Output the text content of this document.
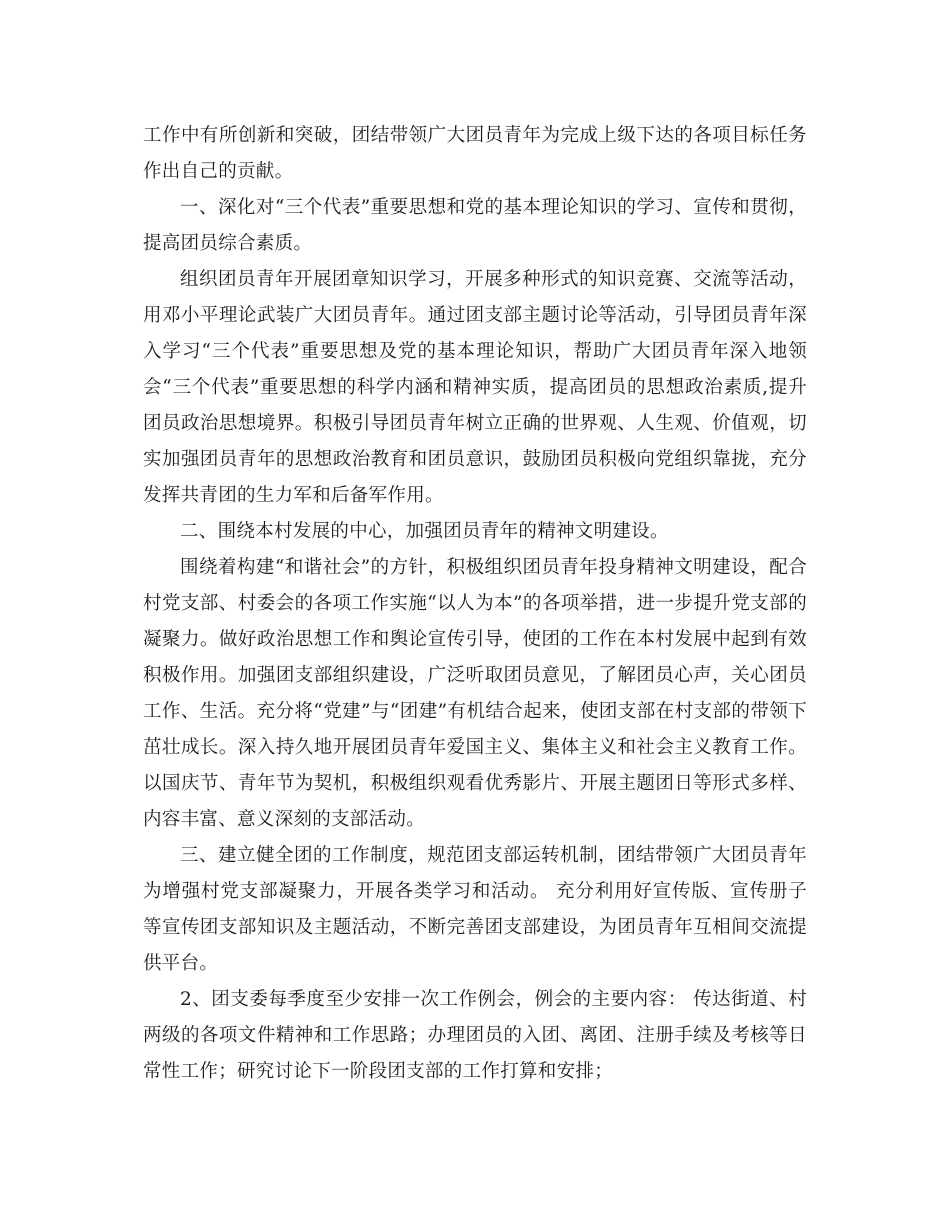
工作中有所创新和突破，团结带领广大团员青年为完成上级下达的各项目标任务作出自己的贡献。

一、深化对“三个代表”重要思想和党的基本理论知识的学习、宣传和贯彻，提高团员综合素质。

组织团员青年开展团章知识学习，开展多种形式的知识竞赛、交流等活动，用邓小平理论武装广大团员青年。通过团支部主题讨论等活动，引导团员青年深入学习“三个代表”重要思想及党的基本理论知识，帮助广大团员青年深入地领会“三个代表”重要思想的科学内涵和精神实质，提高团员的思想政治素质,提升团员政治思想境界。积极引导团员青年树立正确的世界观、人生观、价值观，切实加强团员青年的思想政治教育和团员意识，鼓励团员积极向党组织靠拢，充分发挥共青团的生力军和后备军作用。

二、围绕本村发展的中心，加强团员青年的精神文明建设。

围绕着构建“和谐社会”的方针，积极组织团员青年投身精神文明建设，配合村党支部、村委会的各项工作实施“以人为本”的各项举措，进一步提升党支部的凝聚力。做好政治思想工作和舆论宣传引导，使团的工作在本村发展中起到有效积极作用。加强团支部组织建设，广泛听取团员意见，了解团员心声，关心团员工作、生活。充分将“党建”与“团建”有机结合起来，使团支部在村支部的带领下茁壮成长。深入持久地开展团员青年爱国主义、集体主义和社会主义教育工作。以国庆节、青年节为契机，积极组织观看优秀影片、开展主题团日等形式多样、内容丰富、意义深刻的支部活动。

三、建立健全团的工作制度，规范团支部运转机制，团结带领广大团员青年为增强村党支部凝聚力，开展各类学习和活动。 充分利用好宣传版、宣传册子等宣传团支部知识及主题活动，不断完善团支部建设，为团员青年互相间交流提供平台。

2、团支委每季度至少安排一次工作例会，例会的主要内容： 传达街道、村两级的各项文件精神和工作思路；办理团员的入团、离团、注册手续及考核等日常性工作；研究讨论下一阶段团支部的工作打算和安排；
